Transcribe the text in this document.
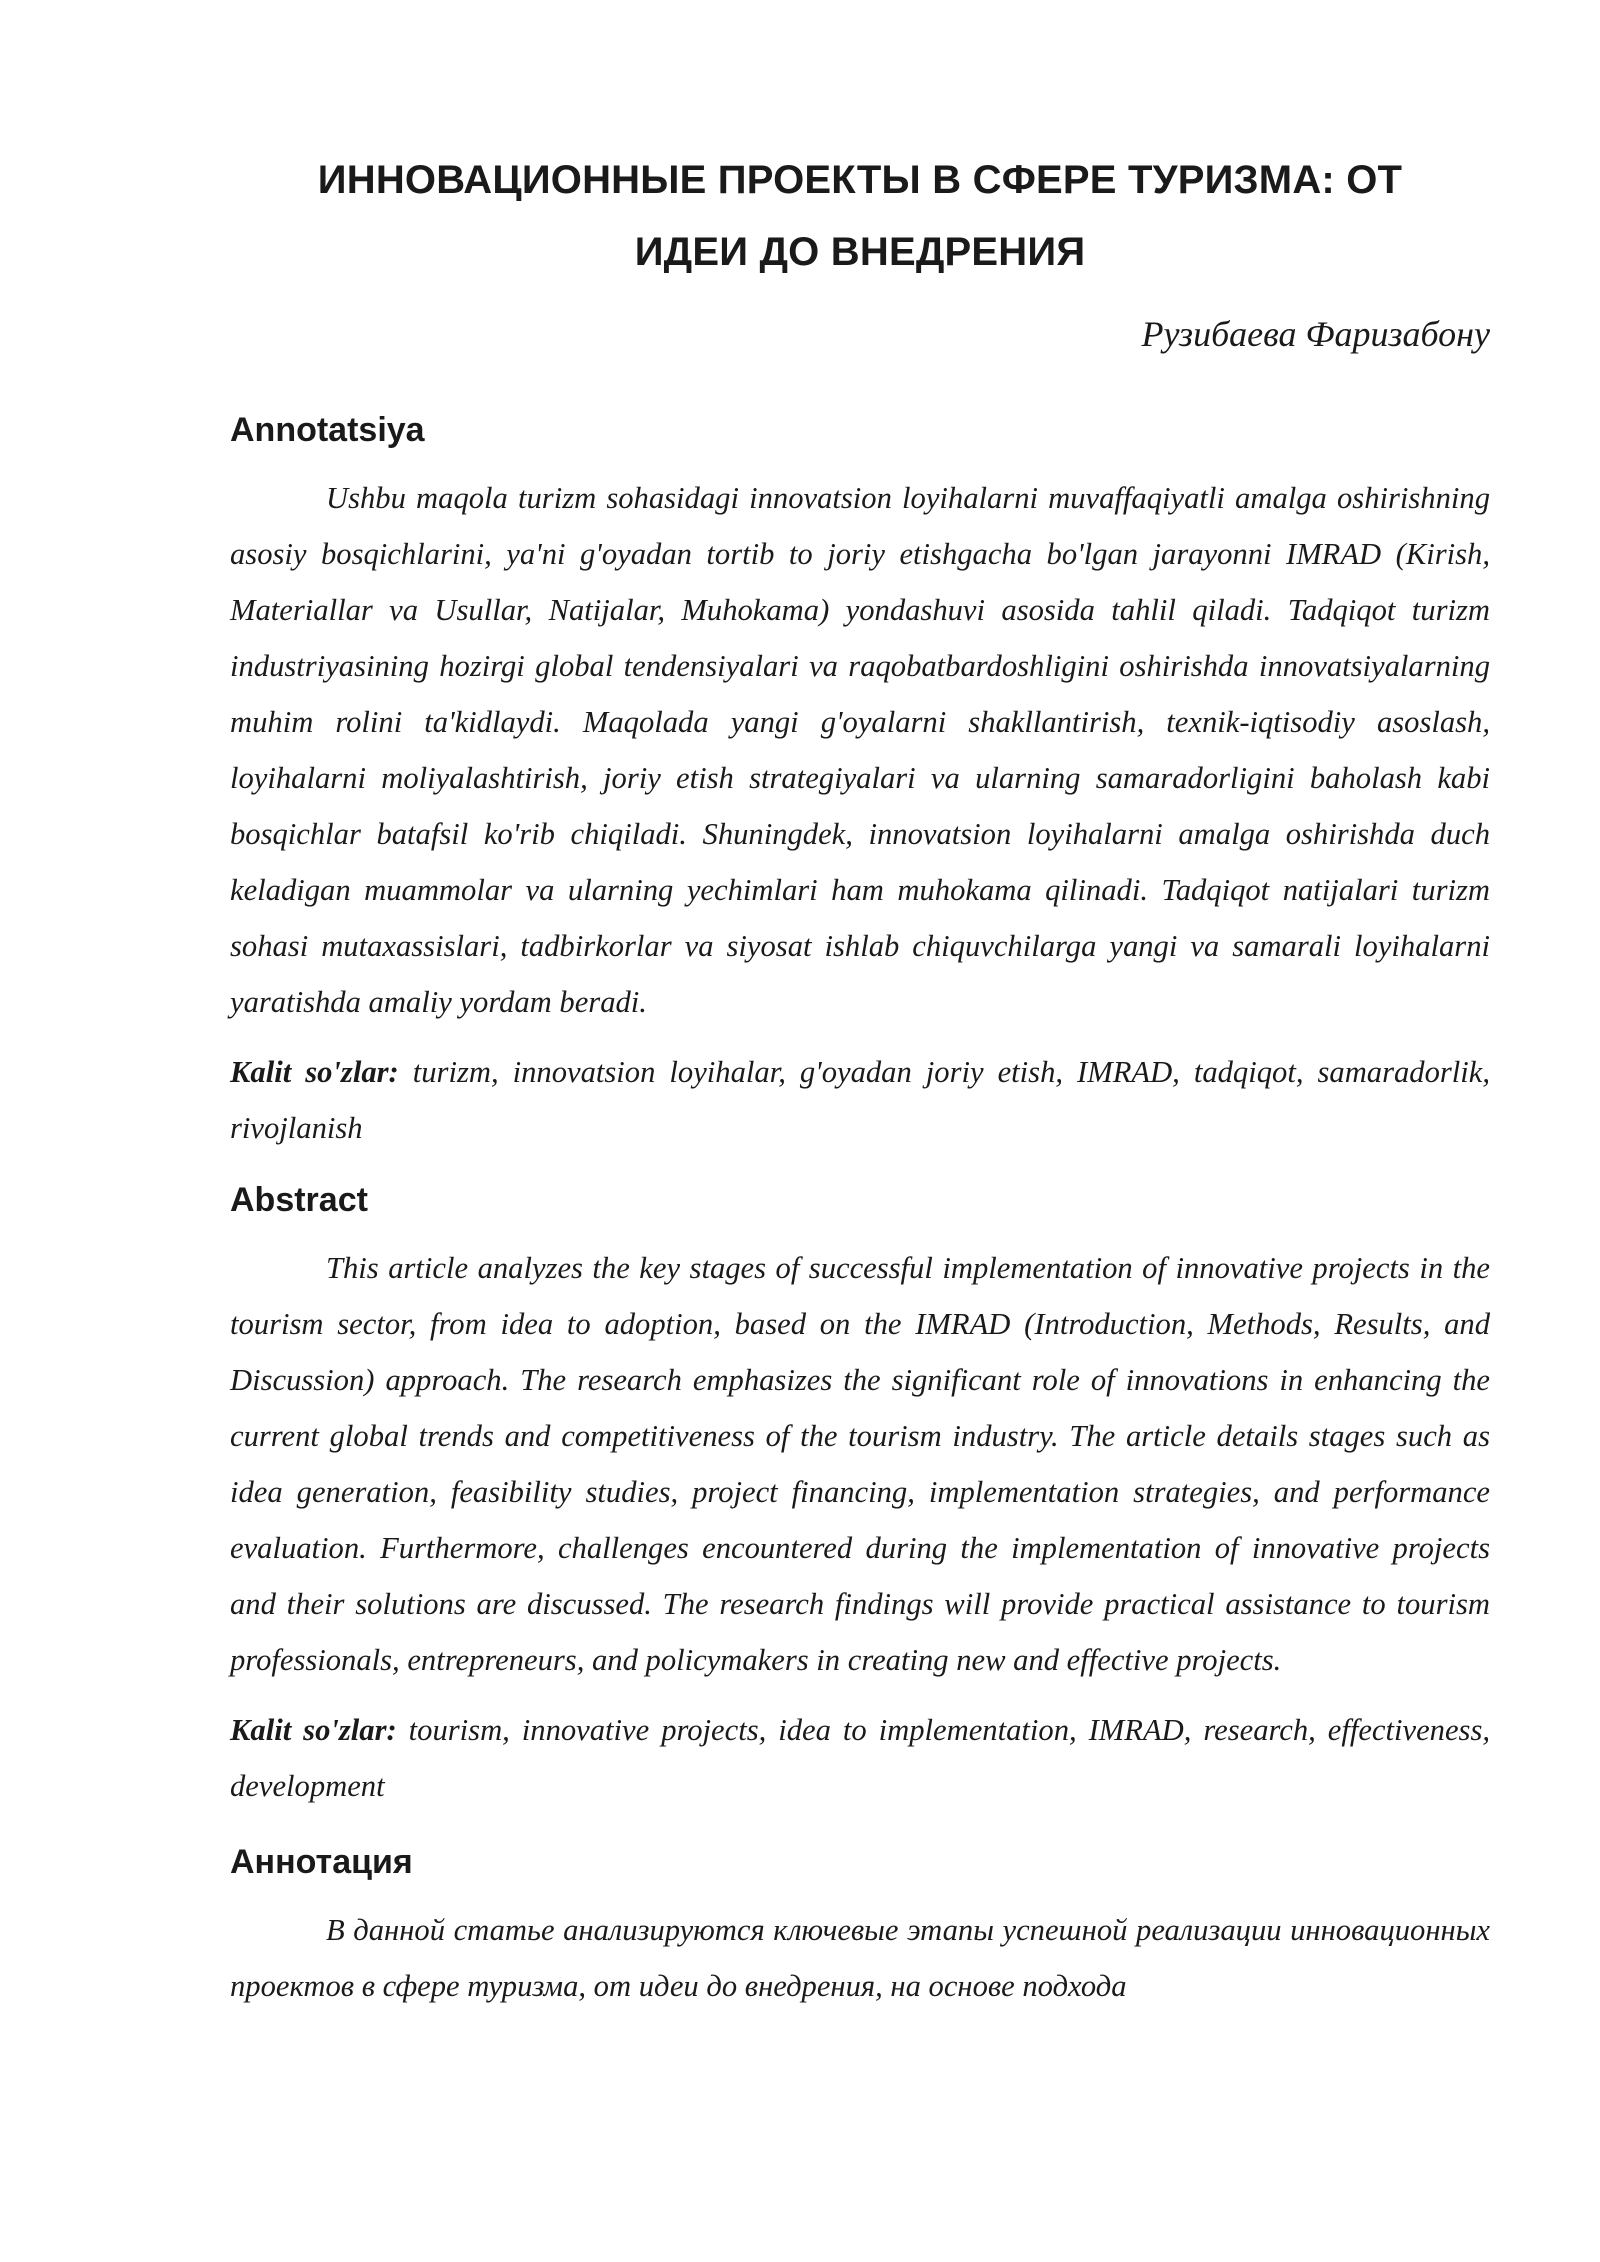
ИННОВАЦИОННЫЕ ПРОЕКТЫ В СФЕРЕ ТУРИЗМА: ОТ
ИДЕИ ДО ВНЕДРЕНИЯ
Рузибаева Фаризабону
Annotatsiya

Ushbu maqola turizm sohasidagi innovatsion loyihalarni muvaffaqiyatli amalga oshirishning asosiy bosqichlarini, ya'ni g'oyadan tortib to joriy etishgacha bo'lgan jarayonni IMRAD (Kirish, Materiallar va Usullar, Natijalar, Muhokama) yondashuvi asosida tahlil qiladi. Tadqiqot turizm industriyasining hozirgi global tendensiyalari va raqobatbardoshligini oshirishda innovatsiyalarning muhim rolini ta'kidlaydi. Maqolada yangi g'oyalarni shakllantirish, texnik-iqtisodiy asoslash, loyihalarni moliyalashtirish, joriy etish strategiyalari va ularning samaradorligini baholash kabi bosqichlar batafsil ko'rib chiqiladi. Shuningdek, innovatsion loyihalarni amalga oshirishda duch keladigan muammolar va ularning yechimlari ham muhokama qilinadi. Tadqiqot natijalari turizm sohasi mutaxassislari, tadbirkorlar va siyosat ishlab chiquvchilarga yangi va samarali loyihalarni yaratishda amaliy yordam beradi.

Kalit so'zlar: turizm, innovatsion loyihalar, g'oyadan joriy etish, IMRAD, tadqiqot, samaradorlik, rivojlanish

Abstract

This article analyzes the key stages of successful implementation of innovative projects in the tourism sector, from idea to adoption, based on the IMRAD (Introduction, Methods, Results, and Discussion) approach. The research emphasizes the significant role of innovations in enhancing the current global trends and competitiveness of the tourism industry. The article details stages such as idea generation, feasibility studies, project financing, implementation strategies, and performance evaluation. Furthermore, challenges encountered during the implementation of innovative projects and their solutions are discussed. The research findings will provide practical assistance to tourism professionals, entrepreneurs, and policymakers in creating new and effective projects.

Kalit so'zlar: tourism, innovative projects, idea to implementation, IMRAD, research, effectiveness, development

Аннотация

В данной статье анализируются ключевые этапы успешной реализации инновационных проектов в сфере туризма, от идеи до внедрения, на основе подхода
